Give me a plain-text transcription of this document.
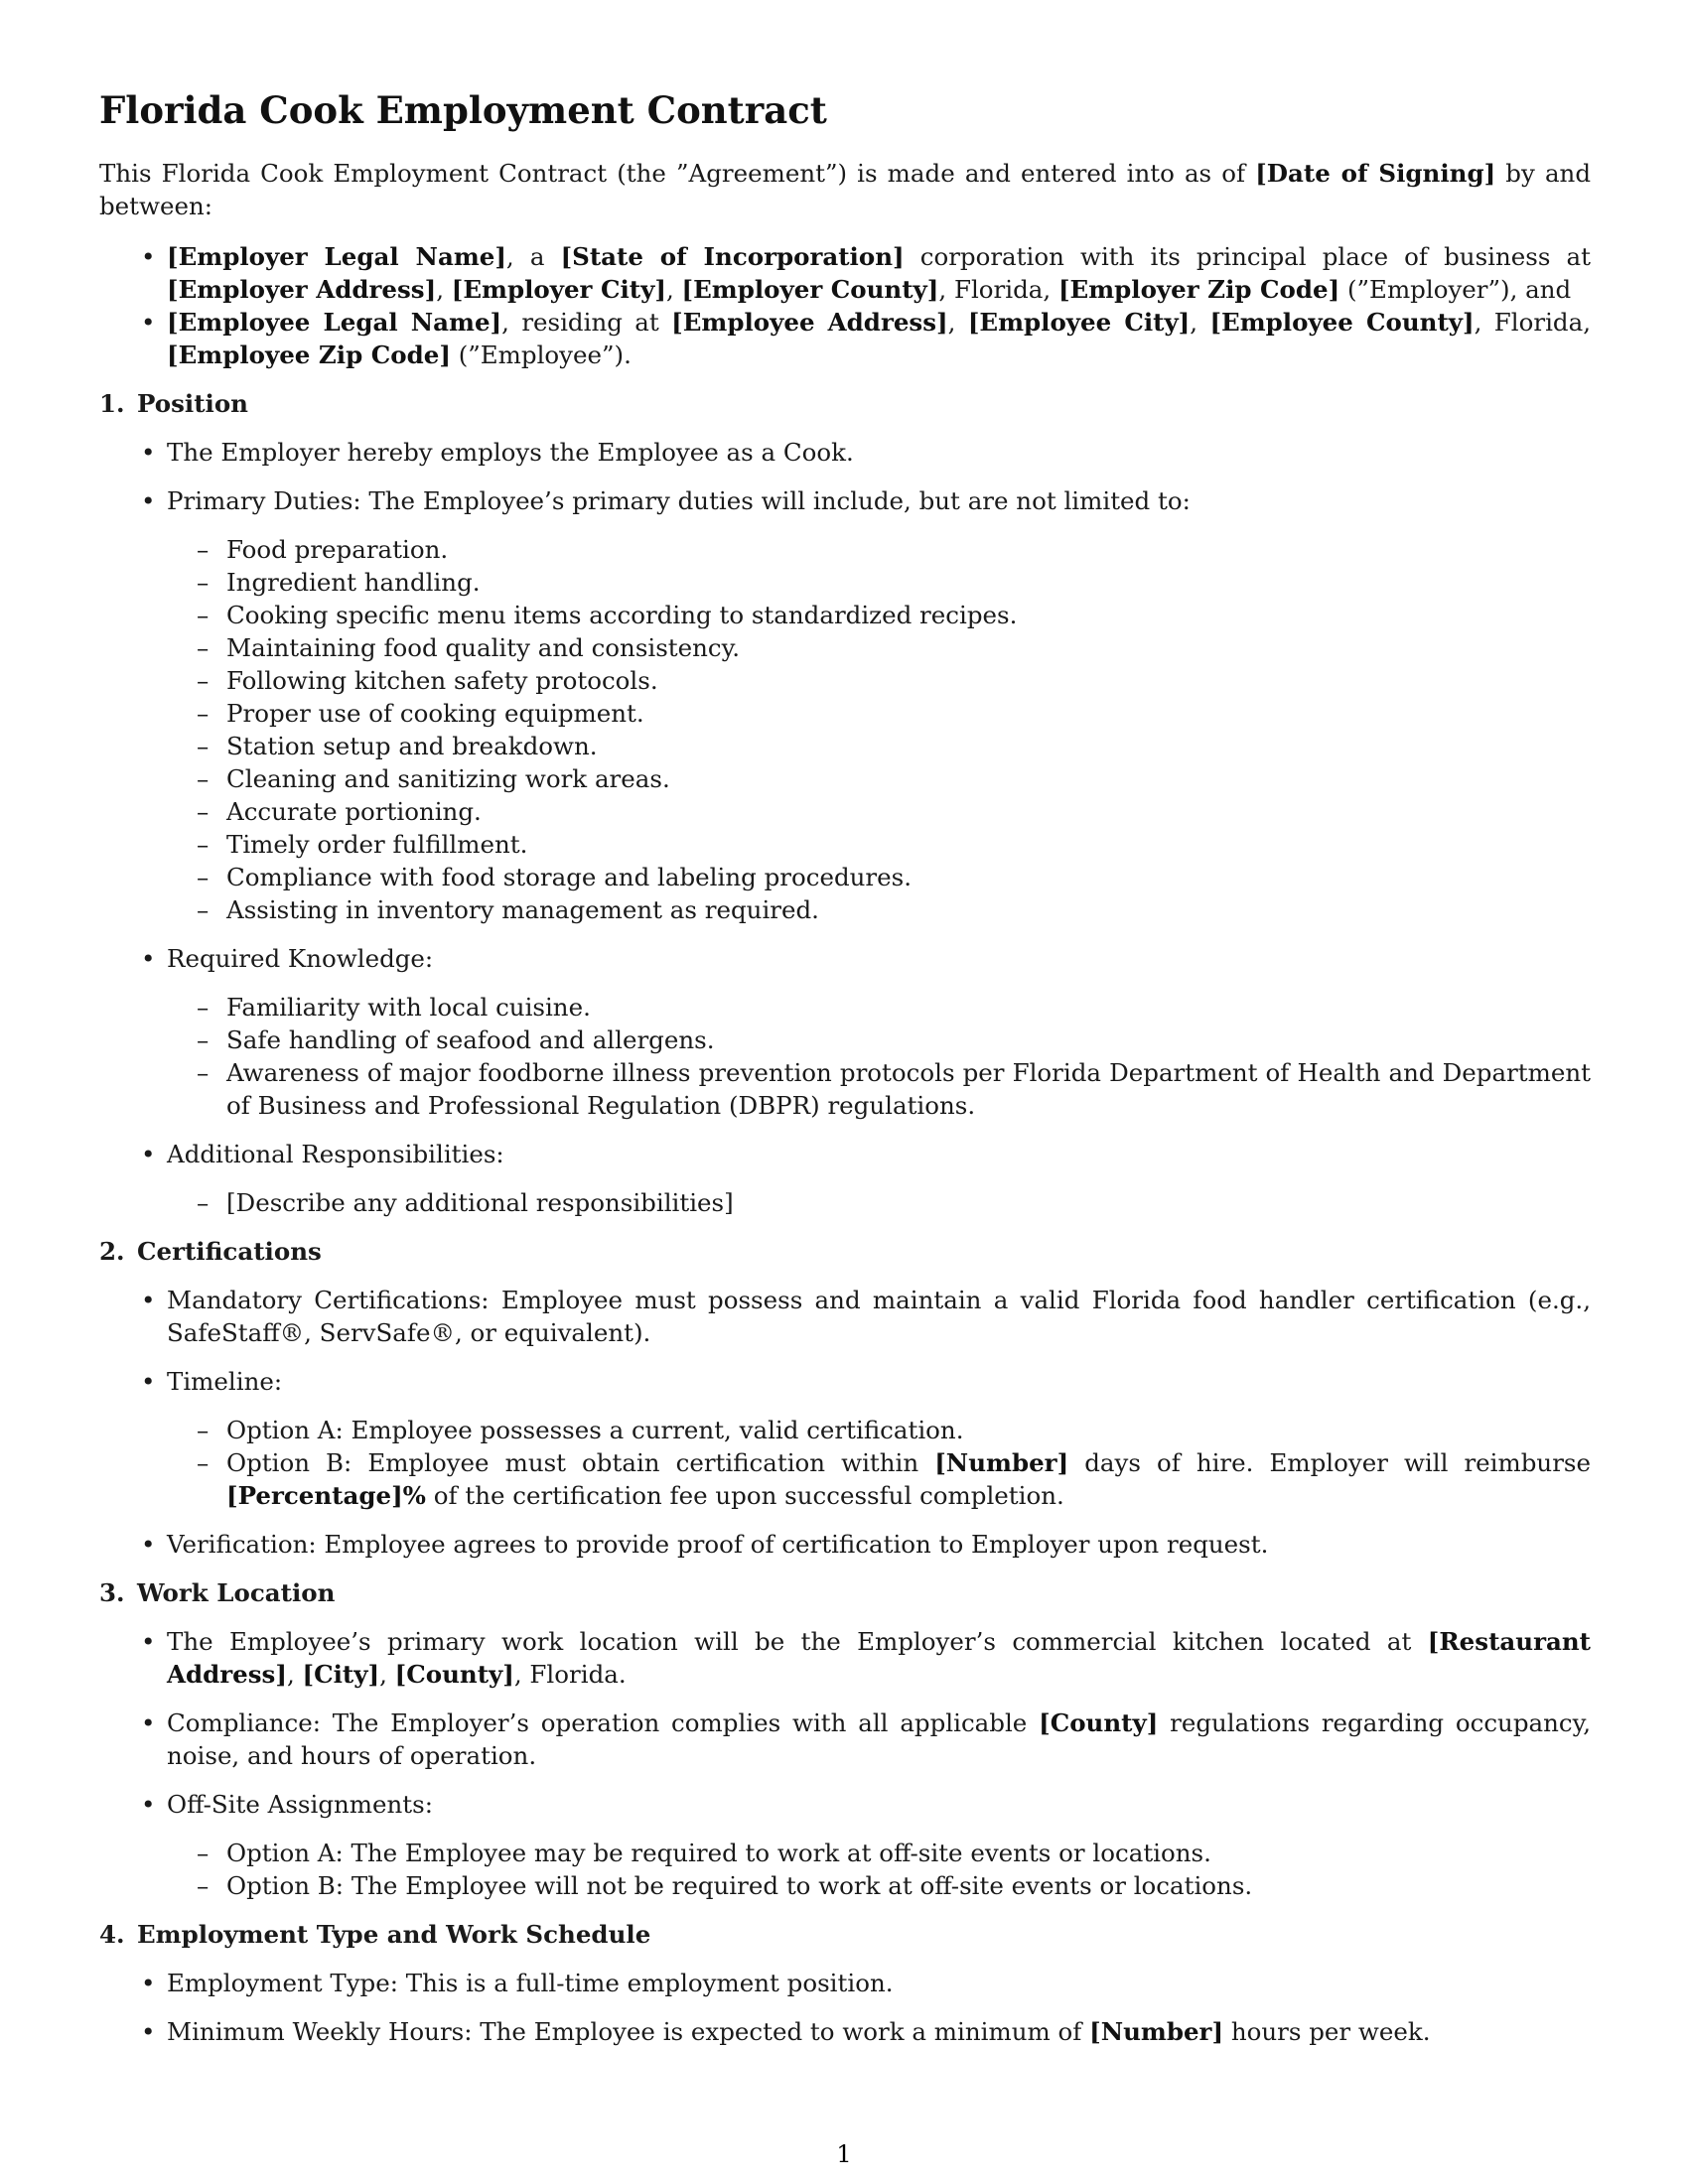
Florida Cook Employment Contract

This Florida Cook Employment Contract (the ”Agreement”) is made and entered into as of [Date of Signing] by and between:

• [Employer Legal Name], a [State of Incorporation] corporation with its principal place of business at [Employer Address], [Employer City], [Employer County], Florida, [Employer Zip Code] (”Employer”), and
• [Employee Legal Name], residing at [Employee Address], [Employee City], [Employee County], Florida, [Employee Zip Code] (”Employee”).
1. Position
• The Employer hereby employs the Employee as a Cook.
• Primary Duties: The Employee’s primary duties will include, but are not limited to:
– Food preparation.
– Ingredient handling.
– Cooking specific menu items according to standardized recipes.
– Maintaining food quality and consistency.
– Following kitchen safety protocols.
– Proper use of cooking equipment.
– Station setup and breakdown.
– Cleaning and sanitizing work areas.
– Accurate portioning.
– Timely order fulfillment.
– Compliance with food storage and labeling procedures.
– Assisting in inventory management as required.
• Required Knowledge:
– Familiarity with local cuisine.
– Safe handling of seafood and allergens.
– Awareness of major foodborne illness prevention protocols per Florida Department of Health and Department of Business and Professional Regulation (DBPR) regulations.
• Additional Responsibilities:
– [Describe any additional responsibilities]
2. Certifications
• Mandatory Certifications: Employee must possess and maintain a valid Florida food handler certification (e.g., SafeStaff®, ServSafe®, or equivalent).
• Timeline:
– Option A: Employee possesses a current, valid certification.
– Option B: Employee must obtain certification within [Number] days of hire. Employer will reimburse [Percentage]% of the certification fee upon successful completion.
• Verification: Employee agrees to provide proof of certification to Employer upon request.
3. Work Location
• The Employee’s primary work location will be the Employer’s commercial kitchen located at [Restaurant Address], [City], [County], Florida.
• Compliance: The Employer’s operation complies with all applicable [County] regulations regarding occupancy, noise, and hours of operation.
• Off-Site Assignments:
– Option A: The Employee may be required to work at off-site events or locations.
– Option B: The Employee will not be required to work at off-site events or locations.
4. Employment Type and Work Schedule
• Employment Type: This is a full-time employment position.
• Minimum Weekly Hours: The Employee is expected to work a minimum of [Number] hours per week.
1
